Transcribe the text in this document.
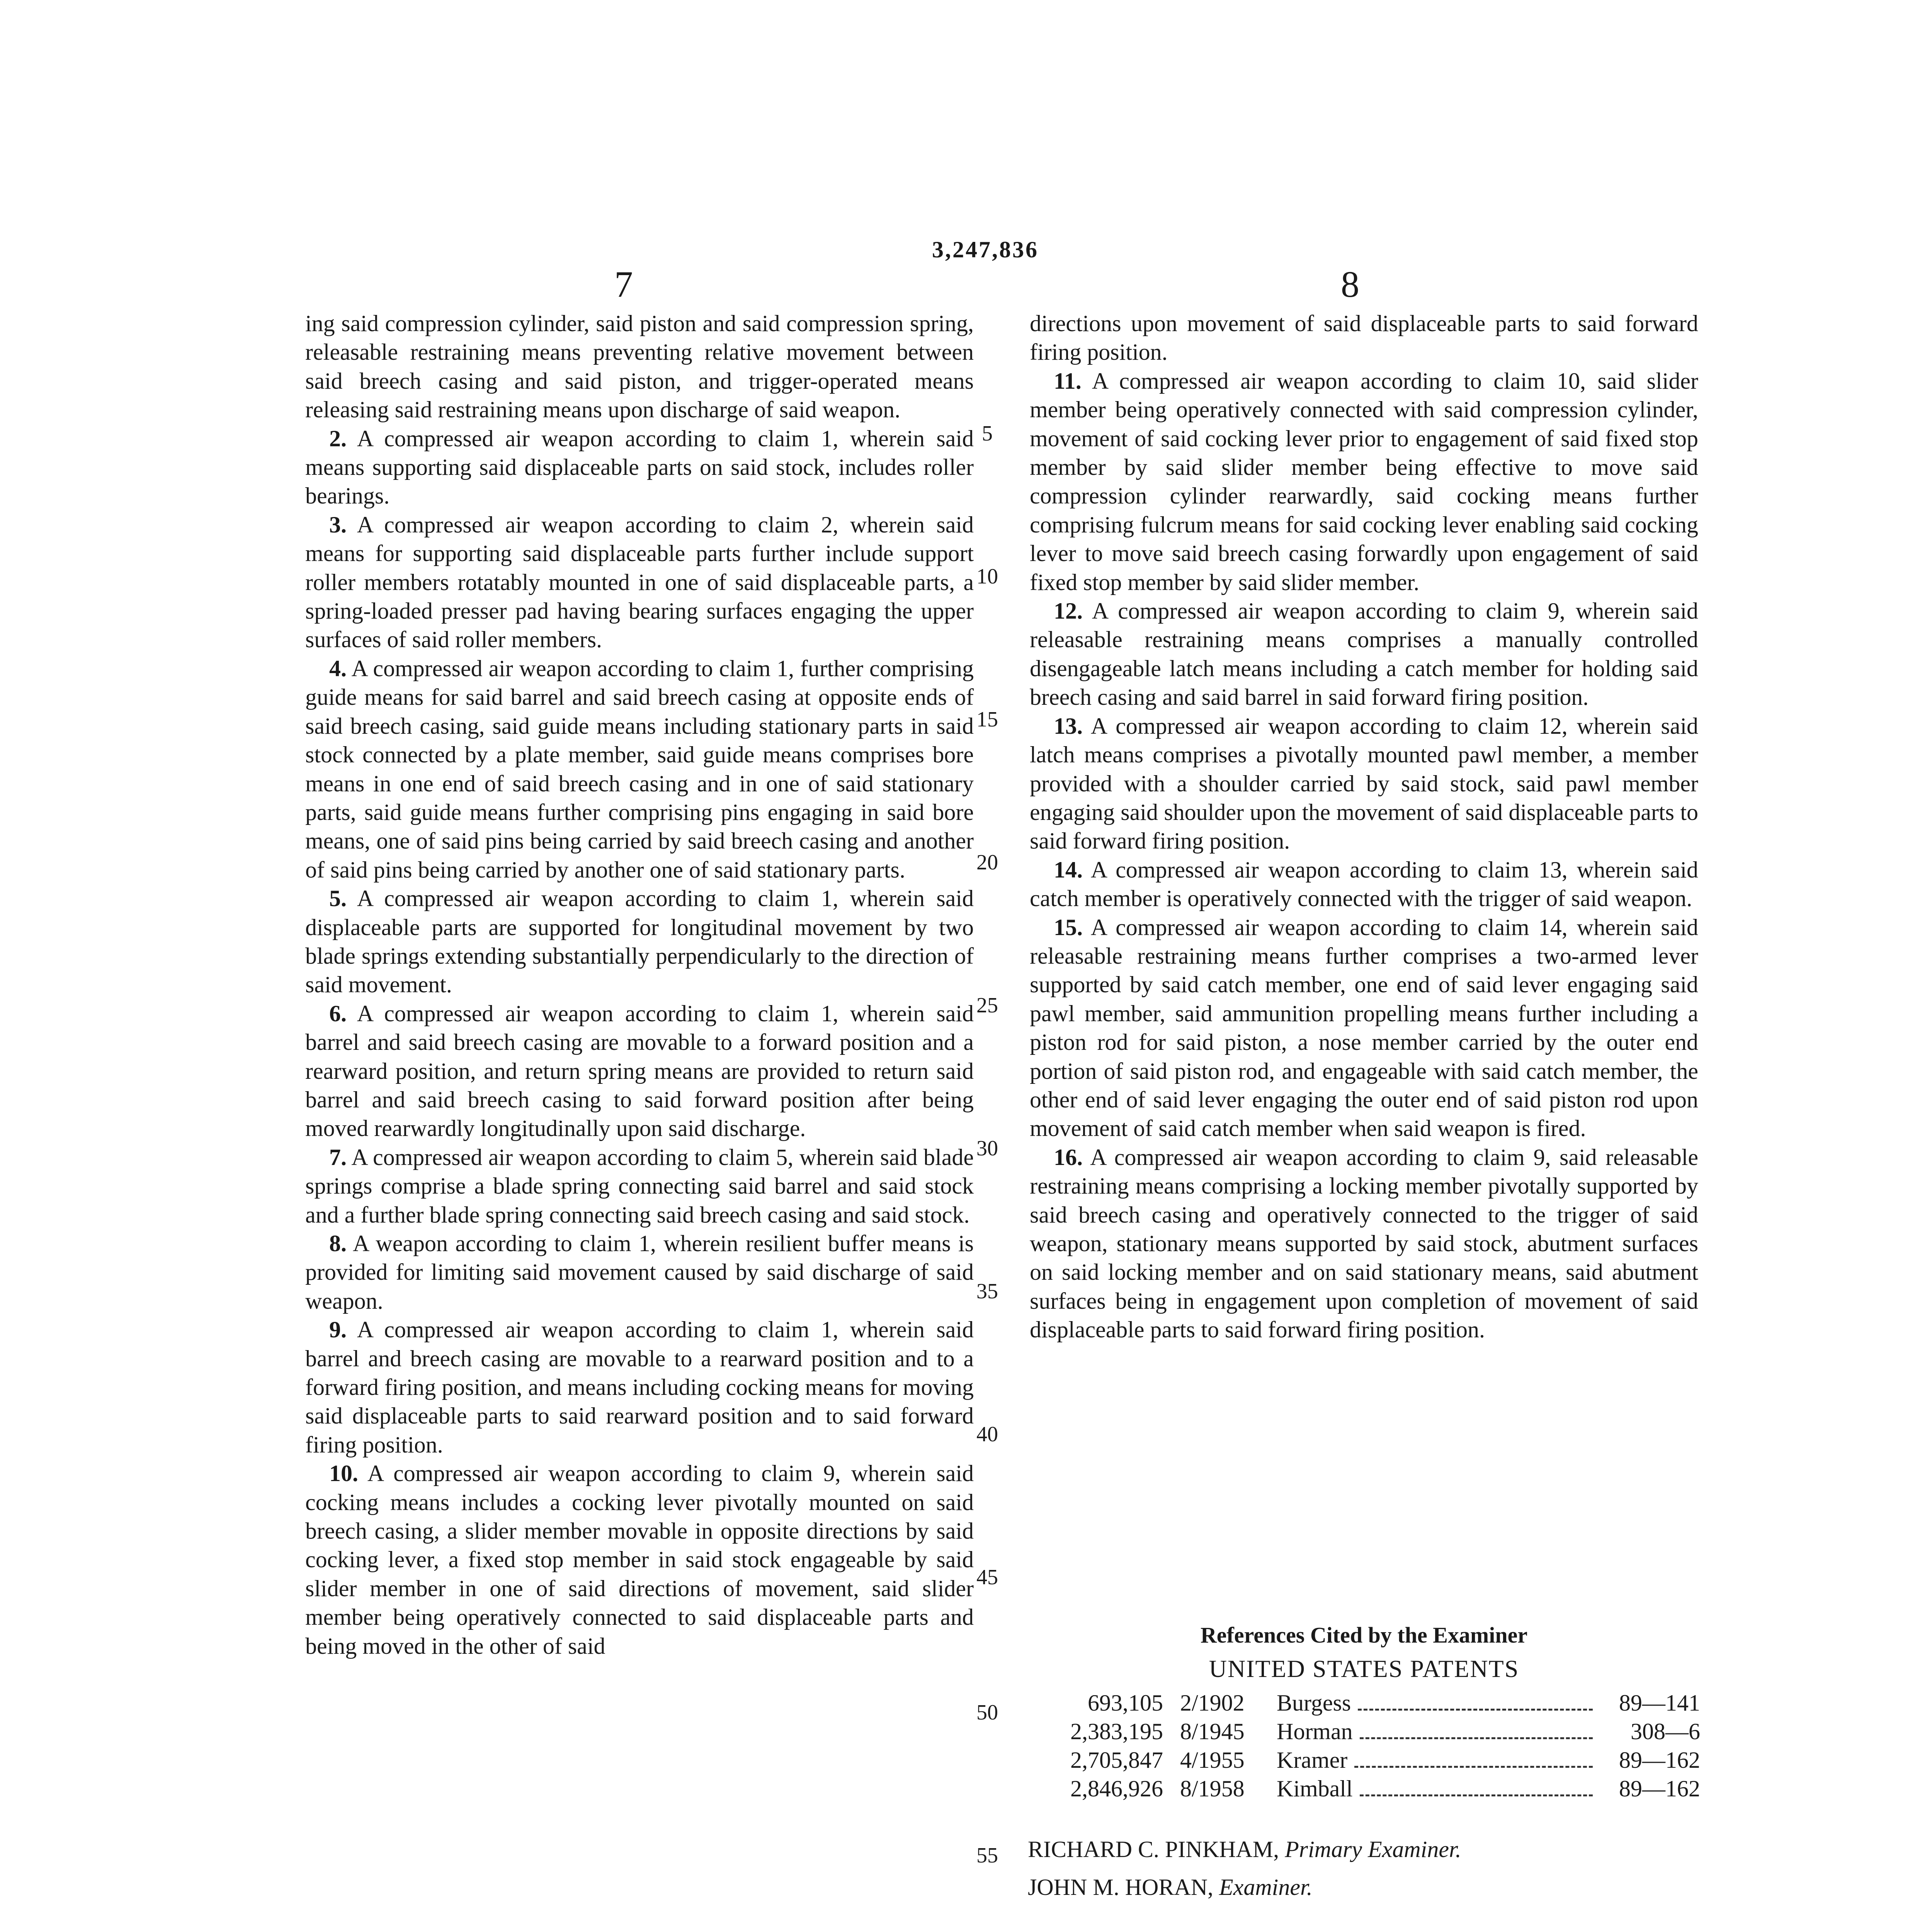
3,247,836
7	8

ing said compression cylinder, said piston and said compression spring, releasable restraining means preventing relative movement between said breech casing and said piston, and trigger-operated means releasing said restraining means upon discharge of said weapon.

2. A compressed air weapon according to claim 1, wherein said means supporting said displaceable parts on said stock, includes roller bearings.

3. A compressed air weapon according to claim 2, wherein said means for supporting said displaceable parts further include support roller members rotatably mounted in one of said displaceable parts, a spring-loaded presser pad having bearing surfaces engaging the upper surfaces of said roller members.

4. A compressed air weapon according to claim 1, further comprising guide means for said barrel and said breech casing at opposite ends of said breech casing, said guide means including stationary parts in said stock connected by a plate member, said guide means comprises bore means in one end of said breech casing and in one of said stationary parts, said guide means further comprising pins engaging in said bore means, one of said pins being carried by said breech casing and another of said pins being carried by another one of said stationary parts.

5. A compressed air weapon according to claim 1, wherein said displaceable parts are supported for longitudinal movement by two blade springs extending substantially perpendicularly to the direction of said movement.

6. A compressed air weapon according to claim 1, wherein said barrel and said breech casing are movable to a forward position and a rearward position, and return spring means are provided to return said barrel and said breech casing to said forward position after being moved rearwardly longitudinally upon said discharge.

7. A compressed air weapon according to claim 5, wherein said blade springs comprise a blade spring connecting said barrel and said stock and a further blade spring connecting said breech casing and said stock.

8. A weapon according to claim 1, wherein resilient buffer means is provided for limiting said movement caused by said discharge of said weapon.

9. A compressed air weapon according to claim 1, wherein said barrel and breech casing are movable to a rearward position and to a forward firing position, and means including cocking means for moving said displaceable parts to said rearward position and to said forward firing position.

10. A compressed air weapon according to claim 9, wherein said cocking means includes a cocking lever pivotally mounted on said breech casing, a slider member movable in opposite directions by said cocking lever, a fixed stop member in said stock engageable by said slider member in one of said directions of movement, said slider member being operatively connected to said displaceable parts and being moved in the other of said

directions upon movement of said displaceable parts to said forward firing position.

11. A compressed air weapon according to claim 10, said slider member being operatively connected with said compression cylinder, movement of said cocking lever prior to engagement of said fixed stop member by said slider member being effective to move said compression cylinder rearwardly, said cocking means further comprising fulcrum means for said cocking lever enabling said cocking lever to move said breech casing forwardly upon engagement of said fixed stop member by said slider member.

12. A compressed air weapon according to claim 9, wherein said releasable restraining means comprises a manually controlled disengageable latch means including a catch member for holding said breech casing and said barrel in said forward firing position.

13. A compressed air weapon according to claim 12, wherein said latch means comprises a pivotally mounted pawl member, a member provided with a shoulder carried by said stock, said pawl member engaging said shoulder upon the movement of said displaceable parts to said forward firing position.

14. A compressed air weapon according to claim 13, wherein said catch member is operatively connected with the trigger of said weapon.

15. A compressed air weapon according to claim 14, wherein said releasable restraining means further comprises a two-armed lever supported by said catch member, one end of said lever engaging said pawl member, said ammunition propelling means further including a piston rod for said piston, a nose member carried by the outer end portion of said piston rod, and engageable with said catch member, the other end of said lever engaging the outer end of said piston rod upon movement of said catch member when said weapon is fired.

16. A compressed air weapon according to claim 9, said releasable restraining means comprising a locking member pivotally supported by said breech casing and operatively connected to the trigger of said weapon, stationary means supported by said stock, abutment surfaces on said locking member and on said stationary means, said abutment surfaces being in engagement upon completion of movement of said displaceable parts to said forward firing position.

5
10
15
20
25
30
35
40
45
50
55
References Cited by the Examiner
UNITED STATES PATENTS
693,105	2/1902	Burgess	89—141
2,383,195	8/1945	Horman	308—6
2,705,847	4/1955	Kramer	89—162
2,846,926	8/1958	Kimball	89—162
RICHARD C. PINKHAM, Primary Examiner.
JOHN M. HORAN, Examiner.
